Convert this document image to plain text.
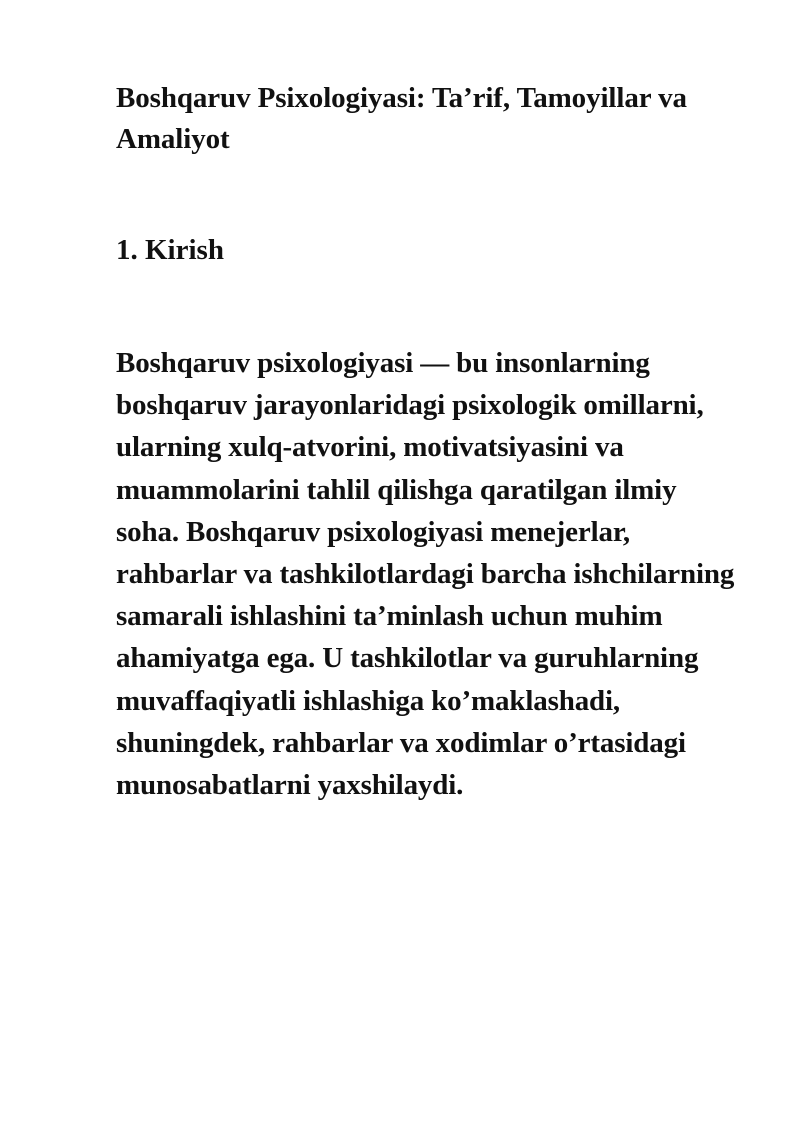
Boshqaruv Psixologiyasi: Ta’rif, Tamoyillar va Amaliyot
1. Kirish

Boshqaruv psixologiyasi — bu insonlarning boshqaruv jarayonlaridagi psixologik omillarni, ularning xulq-atvorini, motivatsiyasini va muammolarini tahlil qilishga qaratilgan ilmiy soha. Boshqaruv psixologiyasi menejerlar, rahbarlar va tashkilotlardagi barcha ishchilarning samarali ishlashini ta’minlash uchun muhim ahamiyatga ega. U tashkilotlar va guruhlarning muvaffaqiyatli ishlashiga ko’maklashadi, shuningdek, rahbarlar va xodimlar o’rtasidagi munosabatlarni yaxshilaydi.
